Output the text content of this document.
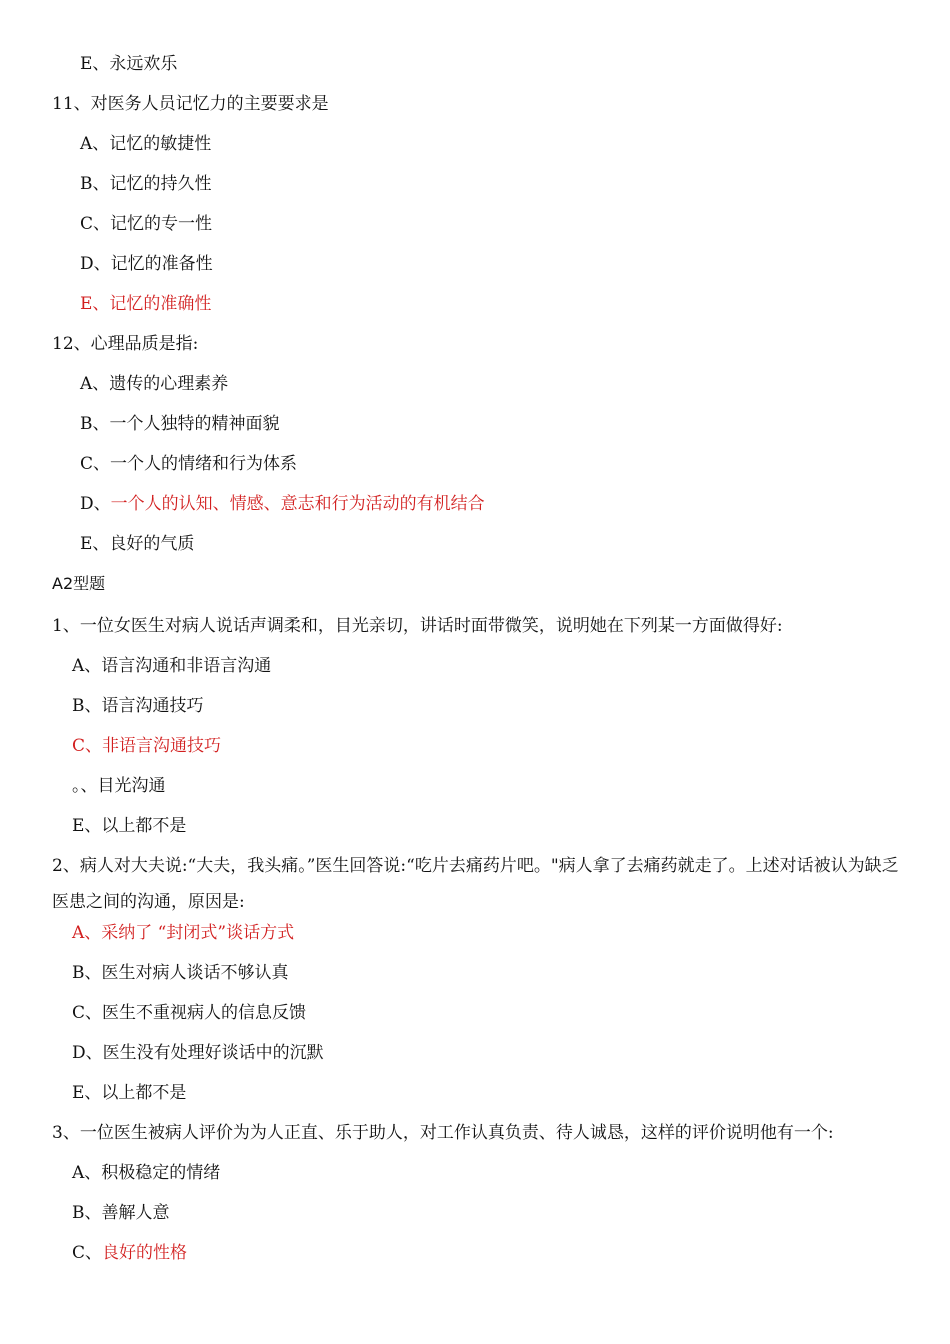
E、永远欢乐
11、对医务人员记忆力的主要要求是
A、记忆的敏捷性
B、记忆的持久性
C、记忆的专一性
D、记忆的准备性
E、记忆的准确性
12、心理品质是指:
A、遗传的心理素养
B、一个人独特的精神面貌
C、一个人的情绪和行为体系
D、一个人的认知、情感、意志和行为活动的有机结合
E、良好的气质
A2型题
1、一位女医生对病人说话声调柔和，目光亲切，讲话时面带微笑，说明她在下列某一方面做得好:
A、语言沟通和非语言沟通
B、语言沟通技巧
C、非语言沟通技巧
。、目光沟通
E、以上都不是
2、病人对大夫说:“大夫，我头痛。”医生回答说:“吃片去痛药片吧。"病人拿了去痛药就走了。上述对话被认为缺乏医患之间的沟通，原因是:
A、采纳了 “封闭式”谈话方式
B、医生对病人谈话不够认真
C、医生不重视病人的信息反馈
D、医生没有处理好谈话中的沉默
E、以上都不是
3、一位医生被病人评价为为人正直、乐于助人，对工作认真负责、待人诚恳，这样的评价说明他有一个:
A、积极稳定的情绪
B、善解人意
C、良好的性格
